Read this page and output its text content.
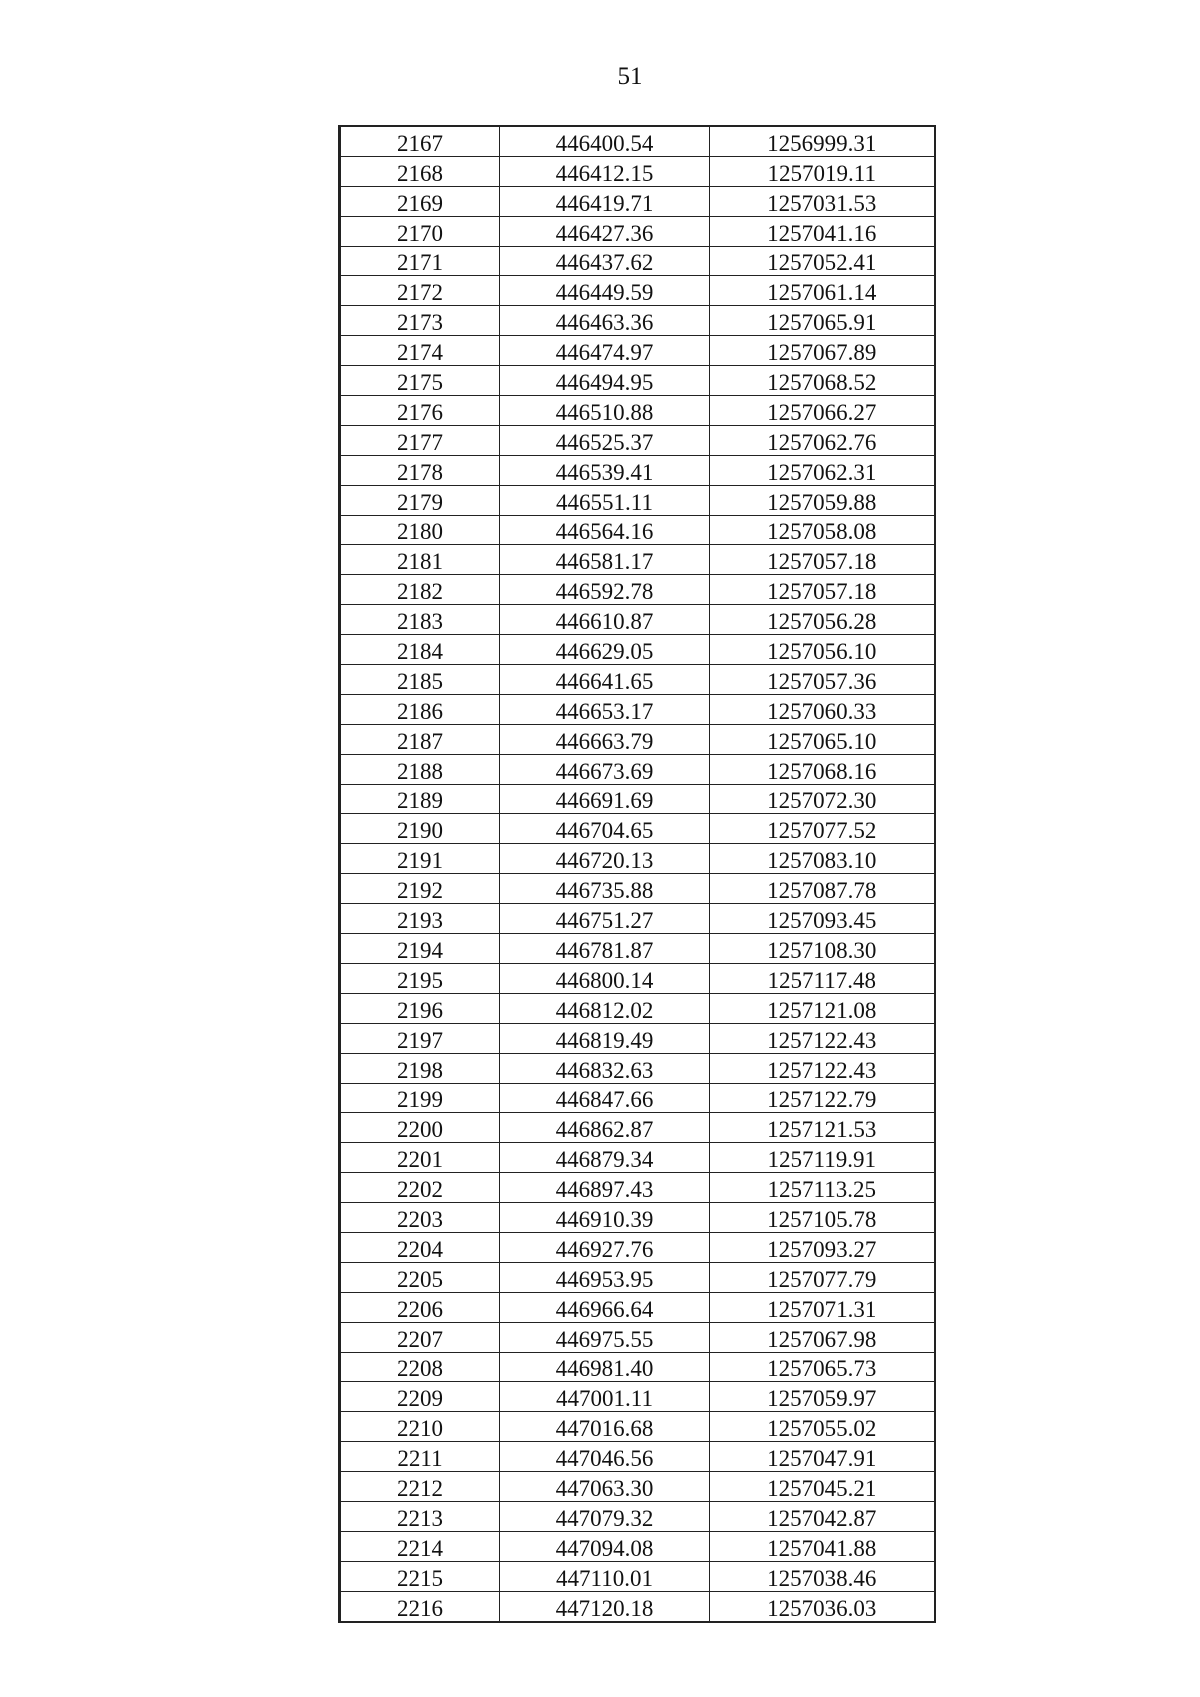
51
2167	446400.54	1256999.31
2168	446412.15	1257019.11
2169	446419.71	1257031.53
2170	446427.36	1257041.16
2171	446437.62	1257052.41
2172	446449.59	1257061.14
2173	446463.36	1257065.91
2174	446474.97	1257067.89
2175	446494.95	1257068.52
2176	446510.88	1257066.27
2177	446525.37	1257062.76
2178	446539.41	1257062.31
2179	446551.11	1257059.88
2180	446564.16	1257058.08
2181	446581.17	1257057.18
2182	446592.78	1257057.18
2183	446610.87	1257056.28
2184	446629.05	1257056.10
2185	446641.65	1257057.36
2186	446653.17	1257060.33
2187	446663.79	1257065.10
2188	446673.69	1257068.16
2189	446691.69	1257072.30
2190	446704.65	1257077.52
2191	446720.13	1257083.10
2192	446735.88	1257087.78
2193	446751.27	1257093.45
2194	446781.87	1257108.30
2195	446800.14	1257117.48
2196	446812.02	1257121.08
2197	446819.49	1257122.43
2198	446832.63	1257122.43
2199	446847.66	1257122.79
2200	446862.87	1257121.53
2201	446879.34	1257119.91
2202	446897.43	1257113.25
2203	446910.39	1257105.78
2204	446927.76	1257093.27
2205	446953.95	1257077.79
2206	446966.64	1257071.31
2207	446975.55	1257067.98
2208	446981.40	1257065.73
2209	447001.11	1257059.97
2210	447016.68	1257055.02
2211	447046.56	1257047.91
2212	447063.30	1257045.21
2213	447079.32	1257042.87
2214	447094.08	1257041.88
2215	447110.01	1257038.46
2216	447120.18	1257036.03
